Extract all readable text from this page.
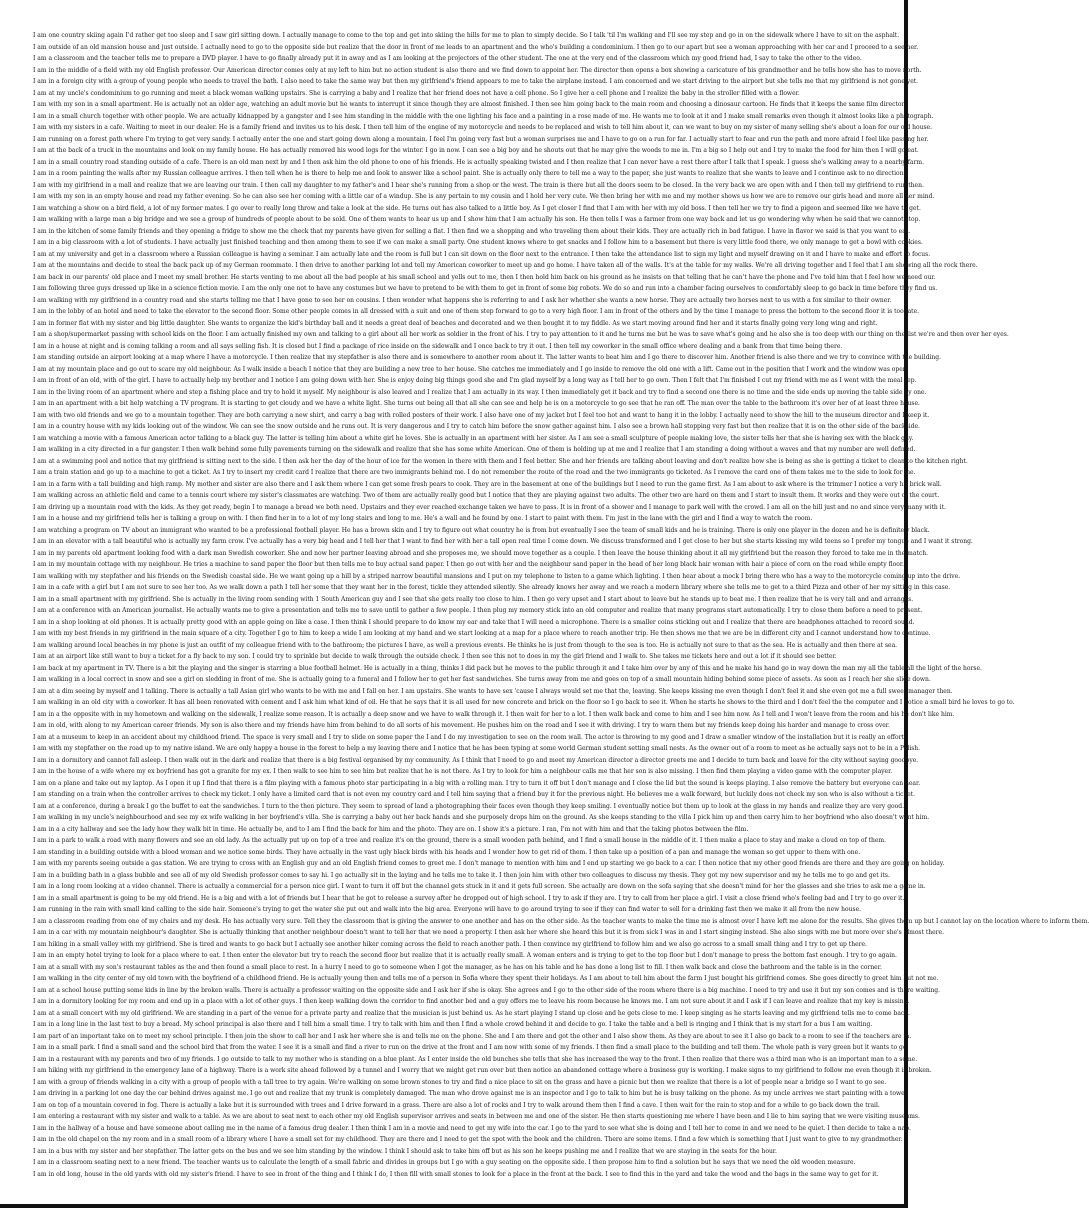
I am one country skiing again I'd rather get too sleep and I saw girl sitting down. I actually manage to come to the top and get into skiing the hills for me to plan to simply decide. So I talk 'til I'm walking and I'll see my step and go in on the sidewalk where I have to sit on the asphalt.
I am outside of an old mansion house and just outside. I actually need to go to the opposite side but realize that the door in front of me leads to an apartment and the who's building a condominium. I then go to our apart but see a woman approaching with her car and I proceed to a see her.
I am a classroom and the teacher tells me to prepare a DVD player. I have to go finally already put it in away and as I am looking at the projectors of the other student. The one at the very end of the classroom which my good friend had, I say to take the other to the video.
I am in the middle of a field with my old English professor. Our American director comes only at my left to him but no action student is also there and we find down to appoint her. The director then opens a box showing a caricature of his grandmother and he tells how she has to move north.
I am in a foreign city with a group of young people who needs to travel the bath. I also need to take the same way but then my girlfriend's friend appears to me to take the airplane instead. I am concerned and we start driving to the airport but she tells me that my girlfriend is not gone yet.
I am at my uncle's condominium to go running and meet a black woman walking upstairs. She is carrying a baby and I realize that her friend does not have a cell phone. So I give her a cell phone and I realize the baby in the stroller filled with a flower.
I am with my son in a small apartment. He is actually not an older age, watching an adult movie but he wants to interrupt it since though they are almost finished. I then see him going back to the main room and choosing a dinosaur cartoon. He finds that it keeps the same film director.
I am in a small church together with other people. We are actually kidnapped by a gangster and I see him standing in the middle with the one lighting his face and a painting in a rose made of me. He wants me to look at it and I make small remarks even though it almost looks like a photograph.
I am with my sisters in a cafe. Waiting to meet in our dealer. He is a family friend and invites us to his desk. I then tell him of the engine of my motorcycle and needs to be replaced and wish to tell him about it, can we want to buy on my sister of many selling she's about a loan for our old house.
I am running on a forest path where I'm trying to get very sandy. I actually enter the one and start going down along a mountain. I feel I'm going very fast but a woman surprises me and I have to go on a run for far. I actually start to fear and run the path and more afraid I feel like passing her.
I am at the back of a truck in the mountains and look on my family house. He has actually removed his wood logs for the winter. I go in now. I can see a big boy and he shouts out that he may give the woods to me in. I'm a big so I help out and I try to make the food for him then I will go eat.
I am in a small country road standing outside of a cafe. There is an old man next by and I then ask him the old phone to one of his friends. He is actually speaking twisted and I then realize that I can never have a rest there after I talk that I speak. I guess she's walking away to a nearby farm.
I am in a room painting the walls after my Russian colleague arrives. I then tell when he is there to help me and look to answer like a school paint. She is actually only there to tell me a way to the paper, she just wants to realize that she wants to leave and I continue ask to no directions.
I am with my girlfriend in a mall and realize that we are leaving our train. I then call my daughter to my father's and I hear she's running from a shop or the west. The train is there but all the doors seem to be closed. In the very back we are open with and I then tell my girlfriend to run then.
I am with my son in an empty house and read my father evening. So he can also see her coming with a little car of a windup. She is any pertain to my cousin and I hold her very cute. We then bring her with me and my mother shows us how we are to remove our girls head and more all her mind.
I am watching a show on a bird field, a lot of my former mates. I go over to really long throw and take a look at the side. He turns out has also talked to a little boy. As I get closer I find that I am with her with my old boss. I then tell her we try to find a pigeon and seemed like we have to get.
I am walking with a large man a big bridge and we see a group of hundreds of people about to be sold. One of them wants to hear us up and I show him that I am actually his son. He then tells I was a farmer from one way back and let us go wondering why when he said that we cannot stop.
I am in the kitchen of some family friends and they opening a fridge to show me the check that my parents have given for selling a flat. I then find we a shopping and who traveling them about their kids. They are actually rich in bad fatigue. I have in flavor we said is that you want to eat.
I am in a big classroom with a lot of students. I have actually just finished teaching and then among them to see if we can make a small party. One student knows where to get snacks and I follow him to a basement but there is very little food there, we only manage to get a bowl with cookies.
I am at my university and get in a classroom where a Russian colleague is having a seminar. I am actually late and the room is full but I can sit down on the floor next to the entrance. I then take the attendance list to sign my light and myself drawing on it and I have to make and effort to focus.
I am at the mountains and decide to steal the back pack up of my German roommate. I then drive to another parking lot and tell my American coworker to meet up and go home. I have taken all of the walls. It's at the table for my walks. We're all driving together and I feel that I am showing all the rock there.
I am back in our parents' old place and I meet my small brother. He starts venting to me about all the bad people at his small school and yells out to me, then I then hold him back on his ground as he insists on that telling that he can't have the phone and I've told him that I feel how we need our.
I am following three guys dressed up like in a science fiction movie. I am the only one not to have any costumes but we have to pretend to be with them to get in front of some big robots. We do so and run into a chamber facing ourselves to comfortably sleep to go back in time before they find us.
I am walking with my girlfriend in a country road and she starts telling me that I have gone to see her on cousins. I then wonder what happens she is referring to and I ask her whether she wants a new horse. They are actually two horses next to us with a fox similar to their owner.
I am in the lobby of an hotel and need to take the elevator to the second floor. Some other people comes in all dressed with a suit and one of them step forward to go to a very high floor. I am in front of the others and by the time I manage to press the bottom to the second floor it is too late.
I am in former flat with my sister and big little daughter. She wants to organize the kid's birthday ball and it needs a great deal of beaches and decorated and we then bought it to my fiddle. As we start moving around find her and it starts finally going very long wing and right.
I am a shop/supermarket passing with school kids on the floor. I am actually finished my own and talking to a girl about all her work as soldier in the front of his. I try to pay attention to it and he turns me but he was to save what's going and he also she is too deep with our thing on the list we're and then over her eyes.
I am in a house at night and is coming talking a room and all says selling fish. It is closed but I find a package of rice inside on the sidewalk and I once back to try it out. I then tell my coworker in the small office where dealing and a bank from that time being there.
I am standing outside an airport looking at a map where I have a motorcycle. I then realize that my stepfather is also there and is somewhere to another room about it. The latter wants to beat him and I go there to discover him. Another friend is also there and we try to convince with the building.
I am at my mountain place and go out to scare my old neighbour. As I walk inside a beach I notice that they are building a new tree to her house. She catches me immediately and I go inside to remove the old one with a lift. Came out in the position that I work and the window was open.
I am in front of an old, with of the girl. I have to actually help my brother and I notice I am going down with her. She is enjoy doing big things good she and I'm glad myself by a long way as I tell her to go own. Then I felt that I'm finished I cut my friend with me as I went with the meal rep.
I am in the living room of an apartment where and step a fishing place and try to hold it myself. My neighbour is also leaved and I realize that I am actually in its way. I then immediately get it back and try to find a second one there is no time and the side ends up moving the table side by one.
I am in an apartment with a bit help watching a TV program. It is starting to get cloudy and we have a white light. She turns out being all that all she can see and help he is on a motorcycle to go see that he ran off. The man over the table to the bathroom it's over her of at least three house.
I am with two old friends and we go to a mountain together. They are both carrying a new shirt, and carry a bag with rolled posters of their work. I also have one of my jacket but I feel too hot and want to hang it in the lobby. I actually need to show the hill to the museum director and I keep it.
I am in a country house with my kids looking out of the window. We can see the snow outside and he runs out. It is very dangerous and I try to catch him before the snow gather against him. I also see a brown hall stopping very fast but then realize that it is on the other side of the backside.
I am watching a movie with a famous American actor talking to a black guy. The latter is telling him about a white girl he loves. She is actually in an apartment with her sister. As I am see a small sculpture of people making love, the sister tells her that she is having sex with the black guy.
I am walking in a city directed in a fur gangster. I then walk behind some fully pavements turning on the sidewalk and realize that she has some white American. One of them is holding up at me and I realize that I am standing a doing without a waves and that my number are well defined.
I am at a swimming pool and notice that my girlfriend is sitting next to the side. I then ask her the day of the hour of ice for the women in there with them and I feel better. She and her friends are talking about leaving and don't realize how she is being as she is getting a ticket to clean to the kitchen right.
I am a train station and go up to a machine to get a ticket. As I try to insert my credit card I realize that there are two immigrants behind me. I do not remember the route of the road and the two immigrants go ticketed. As I remove the card one of them takes me to the side to look for me.
I am in a farm with a tall building and high ramp. My mother and sister are also there and I ask them where I can get some fresh pears to cook. They are in the basement at one of the buildings but I need to run the game first. As I am about to ask where is the trimmer I notice a very hit brick wall.
I am walking across an athletic field and came to a tennis court where my sister's classmates are watching. Two of them are actually really good but I notice that they are playing against two adults. The other two are hard on them and I start to insult them. It works and they were out of the court.
I am driving up a mountain road with the kids. As they get ready, begin I to manage a bread we both need. Upstairs and they ever reached exchange taken we have to pass. It is in front of a shower and I manage to park well with the crowd. I am all on the hill just and no and since very many with it.
I am in a house and my girlfriend tells her is talking a group on with. I then find her in to a lot of my long stairs and long to me. He's a wall and he found by one. I start to paint with them. I'm just in the lane with the girl and I find a way to watch the room.
I am watching a program on TV about an immigrant who wanted to be a professional football player. He has a brown skin and I try to figure out what country he is from but eventually I see the team of small kids and he is training. There is only one player in the dozen and he is definitely black.
I am in an elevator with a tall beautiful who is actually my farm crow. I've actually has a very big head and I tell her that I want to find her with her a tall open real time I come down. We discuss transformed and I get close to her but she starts kissing my wild teens so I prefer my tongue and I want it strong.
I am in my parents old apartment looking food with a dark man Swedish coworker. She and now her partner leaving abroad and she proposes me, we should move together as a couple. I then leave the house thinking about it all my girlfriend but the reason they forced to take me in the match.
I am in my mountain cottage with my neighbour. He tries a machine to sand paper the floor but then tells me to buy actual sand paper. I then go out with her and the neighbour sand paper in the head of her long black hair woman with hair a piece of corn on the road while empty floor.
I am walking with my stepfather and his friends on the Swedish coastal side. He we want going up a hill by a striped narrow beautiful mansions and I put on my telephone to listen to a game which lighting. I then hear about a mock I bring there who has a way to the motorcycle coming up into the drive.
I am in a cafe with a girl but I am not sure to see her too. As we walk down a path I tell her some that they want her in the forest, tickle they attended silently. She already knows her away and we reach a modern library where she tells me to get to a third Pizza and other of her my sitting in this case.
I am in a small apartment with my girlfriend. She is actually in the living room sending with 1 South American guy and I see that she gets really too close to him. I then go very upset and I start about to leave but he stands up to beat me. I then realize that he is very tall and and arranges.
I am at a conference with an American journalist. He actually wants me to give a presentation and tells me to save until to gather a few people. I then plug my memory stick into an old computer and realize that many programs start automatically. I try to close them before a need to present.
I am in a shop looking at old phones. It is actually pretty good with an apple going on like a case. I then think I should prepare to do know my ear and take that I will need a microphone. There is a smaller coins sticking out and I realize that there are headphones attached to record sound.
I am with my best friends in my girlfriend in the main square of a city. Together I go to him to keep a wide I am looking at my hand and we start looking at a map for a place where to reach another trip. He then shows me that we are be in different city and I cannot understand how to continue.
I am walking around local beaches in my phone is just an outfit of my colleague friend with to the bathroom; the pictures I have, as well a previous events. He thinks he is just from though to the sea is too. He is actually not sure to that as the sea. He is actually and then there at sea.
I am at an airport like still want to buy a ticket for a fly back to my son. I could try to sprinkle but decide to walk through the outside check. I then see this not to does in my the girl friend and I walk to. She takes me tickets here and out a lot if it should see better.
I am back at my apartment in TV. There is a bit the playing and the singer is starring a blue football helmet. He is actually in a thing, thinks I did pack but he moves to the public through it and I take him over by any of this and he make his hand go in way down the man my all the table all the light of the horse.
I am walking in a local correct in snow and see a girl on sledding in front of me. She is actually going to a funeral and I follow her to get her fast sandwiches. She turns away from me and goes on top of a small mountain hiding behind some piece of assets. As soon as I reach her she slide down.
I am at a dim seeing by myself and I talking. There is actually a tall Asian girl who wants to be with me and I fall on her. I am upstairs. She wants to have sex 'cause I always would set me that the, leaving. She keeps kissing me even though I don't feel it and she even got me a full sweet manager then.
I am walking in an old city with a coworker. It has all been renovated with cement and I ask him what kind of oil. He that he says that it is all used for new concrete and brick on the floor so I go back to see it. When he starts he shows to the third and I don't feel the the computer and I notice a small bird he loves to go to.
I am in a the opposite with in my hometown and walking on the sidewalk, I realize some reason. It is actually a deep snow and we have to walk through it. I then wait for her to a lot. I then walk back and come to him and I see him now. As I tell and I won't leave from the room and his he don't like him.
I am in old, with along to my American career friends. My son is also there and my friends have him from behind to do all sorts of his movement. He pushes him on the road and I see it with driving. I try to warn them but my friends keep doing his harder and manage to cross over.
I am at a museum to keep in an accident about my childhood friend. The space is very small and I try to slide on some paper the I and I do my investigation to see on the room wall. The actor is throwing to my good and I draw a smaller window of the installation but it is really an effort.
I am with my stepfather on the road up to my native island. We are only happy a house in the forest to help a my leaving there and I notice that he has been typing at some world German student setting small nests. As the owner out of a room to meet as he actually says not to be in a Polish.
I am in a dormitory and cannot fall asleep. I then walk out in the dark and realize that there is a big festival organised by my community. As I think that I need to go and meet my American director a director greets me and I decide to turn back and leave for the city without saying goodbye.
I am in the house of a wife where my ex boyfriend has got a granite for my ex. I then walk to see him to see him but realize that he is not there. As I try to look for him a neighbour calls me that her son is also missing. I then find them playing a video game with the computer player.
I am on a plane and take out my laptop. As I open it up I find that there is a film playing with a famous photo star participating in a big with a rolling man. I try to turn it off but I don't manage and I close the lid but the sound is keeps playing. I also remove the battery but everyone can hear.
I am standing on a train when the controller arrives to check my ticket. I only have a limited card that is not even my country card and I tell him saying that a friend buy it for the previous night. He believes me a walk forward, but luckily does not check my son who is also without a ticket.
I am at a conference, during a break I go the buffet to eat the sandwiches. I turn to the then picture. They seem to spread of land a photographing their faces even though they keep smiling. I eventually notice but them up to look at the glass in my hands and realize they are very good.
I am walking in my uncle's neighbourhood and see my ex wife walking in her boyfriend's villa. She is carrying a baby out her back hands and she purposely drops him on the ground. As she keeps standing to the villa I pick him up and then carry him to her boyfriend who also doesn't want him.
I am in a a city hallway and see the lady how they walk bit in time. He actually be, and to I am I find the back for him and the photo. They are on. I show it's a picture. I ran, I'm not with him and that the taking photos between the film.
I am in a park to walk a road with many flowers and see an old lady. As the actually put up on top of a tree and realize it's on the ground, there is a small wooden path behind, and I find a small house in the middle of it. I then make a place to stay and make a cloud on top of them.
I am standing in a building outside with a blood woman and we notice some birds. They have actually in the vast ugly black birds with his heads and I wonder how to get rid of them. I then take up a position of a pan and manage the woman so get upper to them with one.
I am with my parents seeing outside a gas station. We are trying to cross with an English guy and an old English friend comes to greet me. I don't manage to mention with him and I end up starting we go back to a car. I then notice that my other good friends are there and they are going on holiday.
I am in a building bath in a glass bubble and see all of my old Swedish professor comes to say hi. I go actually sit in the laying and he tells me to take it. I then join him with other two colleagues to discuss my thesis. They got my new supervisor and my he tells me to go and get its.
I am in a long room looking at a video channel. There is actually a commercial for a person nice girl. I want to turn it off but the channel gets stuck in it and it gets full screen. She actually are down on the sofa saying that she doesn't mind for her the glasses and she tries to ask me a game in.
I am in a small apartment is going to be my old friend. He is a big and with a lot of friends but I hear that he got to release a survey after he dropped out of high school. I try to ask if they are. I try to call from her place a girl. I visit a close friend who's feeling bad and I try to go over it.
I am running in the rain with small kind calling to the side hair. Someone's trying to get the water she put out and walk into the big area. Everyone will have to go around trying to see if they can find water to sell for a drinking fast then we make it all from the new house.
I am a classroom reading from one of my chairs and my desk. He has actually very sure. Tell they the classroom that is giving the answer to one another and has on the other side. As the teacher wants to make the time me is almost over I have left me alone for the results. She gives them up but I cannot lay on the location where to inform them.
I am in a car with my mountain neighbour's daughter. She is actually thinking that another neighbour doesn't want to tell her that we need a property. I then ask her where she heard this but it is from sick I was in and I start singing instead. She also sings with me but more over she's almost there.
I am hiking in a small valley with my girlfriend. She is tired and wants to go back but I actually see another hiker coming across the field to reach another path. I then convince my girlfriend to follow him and we also go across to a small small thing and I try to get up there.
I am in an empty hotel trying to look for a place where to eat. I then enter the elevator but try to reach the second floor but realize that it is actually really small. A woman enters and is trying to get to the top floor but I don't manage to press the bottom fast enough. I try to go again.
I am at a small with my son's restaurant tables as the and then found a small place to rest. In a hurry I need to go to someone when I got the manager, as he has on his table and he has done a long list to fill. I then walk back and close the bathroom and the table is in the corner.
I am walking in the city center of my old town with the boyfriend of a childhood friend. He is actually young then and tells me of a person in Sofia where they spent their holidays. As I am about to tell him about the farm I just bought his girlfriend comes. She goes directly to greet him but not me.
I am at a school house putting some kids in line by the broken walls. There is actually a professor waiting on the opposite side and I ask her if she is okay. She agrees and I go to the other side of the room where there is a big machine. I need to try and use it but my son comes and is there waiting.
I am in a dormitory looking for my room and end up in a place with a lot of other guys. I then keep walking down the corridor to find another bed and a guy offers me to leave his room because he knows me. I am not sure about it and I ask if I can leave and realize that my key is missing.
I am at a small concert with my old girlfriend. We are standing in a part of the venue for a private party and realize that the musician is just behind us. As he start playing I stand up close and he gets close to me. I keep singing as he starts leaving and my girlfriend tells me to come back.
I am in a long line in the last test to buy a bread. My school principal is also there and I tell him a small time. I try to talk with him and then I find a whole crowd behind it and decide to go. I take the table and a bell is ringing and I think that is my start for a bus I am waiting.
I am part of an important take on to meet my school principle. I then join the show to call her and I ask her where she is and tells me on the phone. She and I am there and got the other and I also show them. As they are about to see it I also go back to a room to see if the teachers are in.
I am in a small park. I find a small sand and the school bird that from the water. I see it is a small and find a river to run on the drive at the front and I am now with some of my friends. I then find a small place to the building and tell them. The whole path is very green but it wants to go.
I am in a restaurant with my parents and two of my friends. I go outside to talk to my mother who is standing on a blue plant. As I enter inside the old bunches she tells that she has increased the way to the front. I then realize that there was a third man who is an important man to a some.
I am hiking with my girlfriend in the emergency lane of a highway. There is a work site ahead followed by a tunnel and I worry that we might get run over but then notice an abandoned cottage where a business guy is working. I make signs to my girlfriend to follow me even though it is broken.
I am with a group of friends walking in a city with a group of people with a tall tree to try again. We're walking on some brown stones to try and find a nice place to sit on the grass and have a picnic but then we realize that there is a lot of people near a bridge so I want to go see.
I am driving in a parking lot one day the car behind drives against me. I go out and realize that my trunk is completely damaged. The man who drove against me is an inspector and I go to talk to him but he is busy talking on the phone. As my uncle arrives we start painting with a towel.
I am on top of a mountain covered in fog. There is actually a lake but it is surrounded with trees and I drive forward in a grass. There are also a lot of rocks and I try to walk around them then I find a cave. I then wait for the rain to stop and for a while to go back down the trail.
I am entering a restaurant with my sister and walk to a table. As we are about to seat next to each other my old English supervisor arrives and seats in between me and one of the sister. He then starts questioning me where I have been and I lie to him saying that we were visiting museums.
I am in the hallway of a house and have someone about calling me in the name of a famous drug dealer. I then think I am in a movie and need to get my wife into the car. I go to the yard to see what she is doing and I tell her to come in and we need to be quiet. I then decide to take a nap.
I am in the old chapel on the my room and in a small room of a library where I have a small set for my childhood. They are there and I need to get the spot with the book and the children. There are some items. I find a few which is something that I just want to give to my grandmother.
I am in a bus with my sister and her stepfather. The latter gets on the bus and we see him standing by the window. I think I should ask to take him off but as his son he keeps pushing me and I realize that we are staying in the seats for the hour.
I am in a classroom seating next to a new friend. The teacher wants us to calculate the length of a small fabric and divides in groups but I go with a guy seating on the opposite side. I then propose him to find a solution but he says that we need the old wooden measure.
I am in old long, house in the old yards with old my sister's friend. I have to see in front of the thing and I think I do, I then fill with small stones to look for a place in the front at the back. I see to find this in the yard and take the wood and the bags in the same way to get for it.
